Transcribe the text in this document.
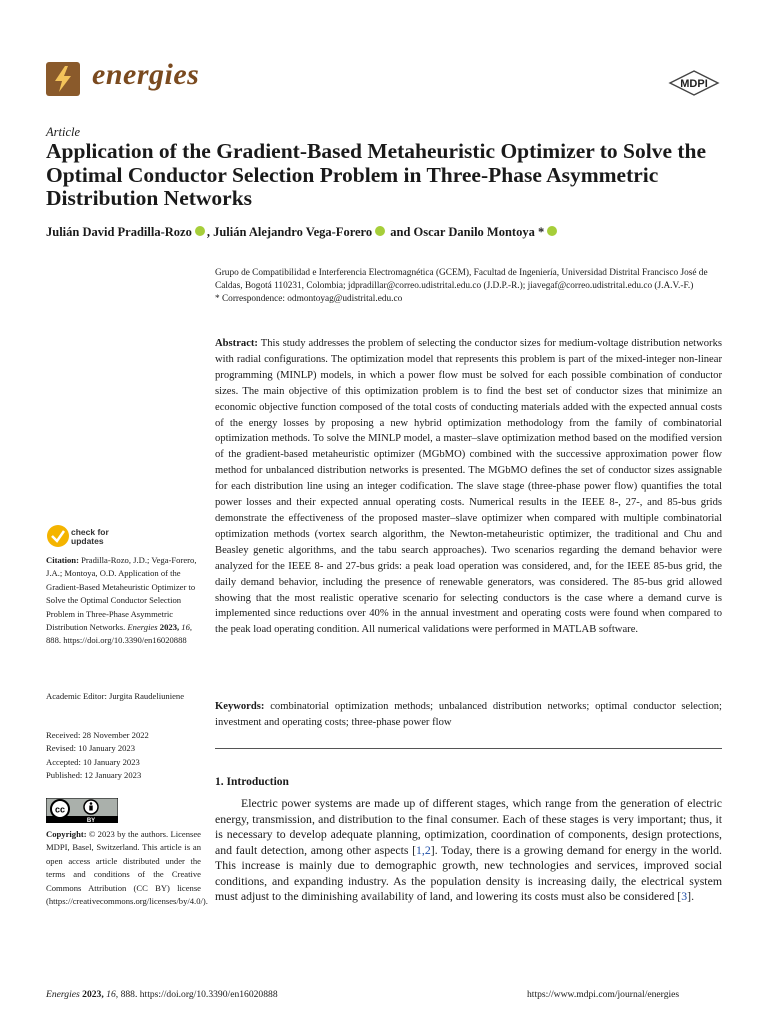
energies	MDPI
Article
Application of the Gradient-Based Metaheuristic Optimizer to Solve the Optimal Conductor Selection Problem in Three-Phase Asymmetric Distribution Networks
Julián David Pradilla-Rozo , Julián Alejandro Vega-Forero and Oscar Danilo Montoya *
Grupo de Compatibilidad e Interferencia Electromagnética (GCEM), Facultad de Ingeniería, Universidad Distrital Francisco José de Caldas, Bogotá 110231, Colombia; jdpradillar@correo.udistrital.edu.co (J.D.P.-R.); jiavegaf@correo.udistrital.edu.co (J.A.V.-F.)
* Correspondence: odmontoyag@udistrital.edu.co
Abstract: This study addresses the problem of selecting the conductor sizes for medium-voltage distribution networks with radial configurations. The optimization model that represents this problem is part of the mixed-integer non-linear programming (MINLP) models, in which a power flow must be solved for each possible combination of conductor sizes. The main objective of this optimization problem is to find the best set of conductor sizes that minimize an economic objective function composed of the total costs of conducting materials added with the expected annual costs of the energy losses by proposing a new hybrid optimization methodology from the family of combinatorial optimization methods. To solve the MINLP model, a master–slave optimization method based on the modified version of the gradient-based metaheuristic optimizer (MGbMO) combined with the successive approximation power flow method for unbalanced distribution networks is presented. The MGbMO defines the set of conductor sizes assignable for each distribution line using an integer codification. The slave stage (three-phase power flow) quantifies the total power losses and their expected annual operating costs. Numerical results in the IEEE 8-, 27-, and 85-bus grids demonstrate the effectiveness of the proposed master–slave optimizer when compared with multiple combinatorial optimization methods (vortex search algorithm, the Newton-metaheuristic optimizer, the traditional and Chu and Beasley genetic algorithms, and the tabu search approaches). Two scenarios regarding the demand behavior were analyzed for the IEEE 8- and 27-bus grids: a peak load operation was considered, and, for the IEEE 85-bus grid, the daily demand behavior, including the presence of renewable generators, was considered. The 85-bus grid allowed showing that the most realistic operative scenario for selecting conductors is the case where a demand curve is implemented since reductions over 40% in the annual investment and operating costs were found when compared to the peak load operating condition. All numerical validations were performed in MATLAB software.
Keywords: combinatorial optimization methods; unbalanced distribution networks; optimal conductor selection; investment and operating costs; three-phase power flow
1. Introduction
Electric power systems are made up of different stages, which range from the generation of electric energy, transmission, and distribution to the final consumer. Each of these stages is very important; thus, it is necessary to develop adequate planning, optimization, coordination of components, design protections, and fault detection, among other aspects [1,2]. Today, there is a growing demand for energy in the world. This increase is mainly due to demographic growth, new technologies and services, improved social conditions, and expanding industry. As the population density is increasing daily, the electrical system must adjust to the diminishing availability of land, and lowering its costs must also be considered [3].
check for
updates
Citation: Pradilla-Rozo, J.D.; Vega-Forero, J.A.; Montoya, O.D. Application of the Gradient-Based Metaheuristic Optimizer to Solve the Optimal Conductor Selection Problem in Three-Phase Asymmetric Distribution Networks. Energies 2023, 16, 888. https://doi.org/10.3390/en16020888
Academic Editor: Jurgita Raudeliuniene
Received: 28 November 2022
Revised: 10 January 2023
Accepted: 10 January 2023
Published: 12 January 2023
cc
BY
Copyright: © 2023 by the authors. Licensee MDPI, Basel, Switzerland. This article is an open access article distributed under the terms and conditions of the Creative Commons Attribution (CC BY) license (https://creativecommons.org/licenses/by/4.0/).
Energies 2023, 16, 888. https://doi.org/10.3390/en16020888	https://www.mdpi.com/journal/energies
